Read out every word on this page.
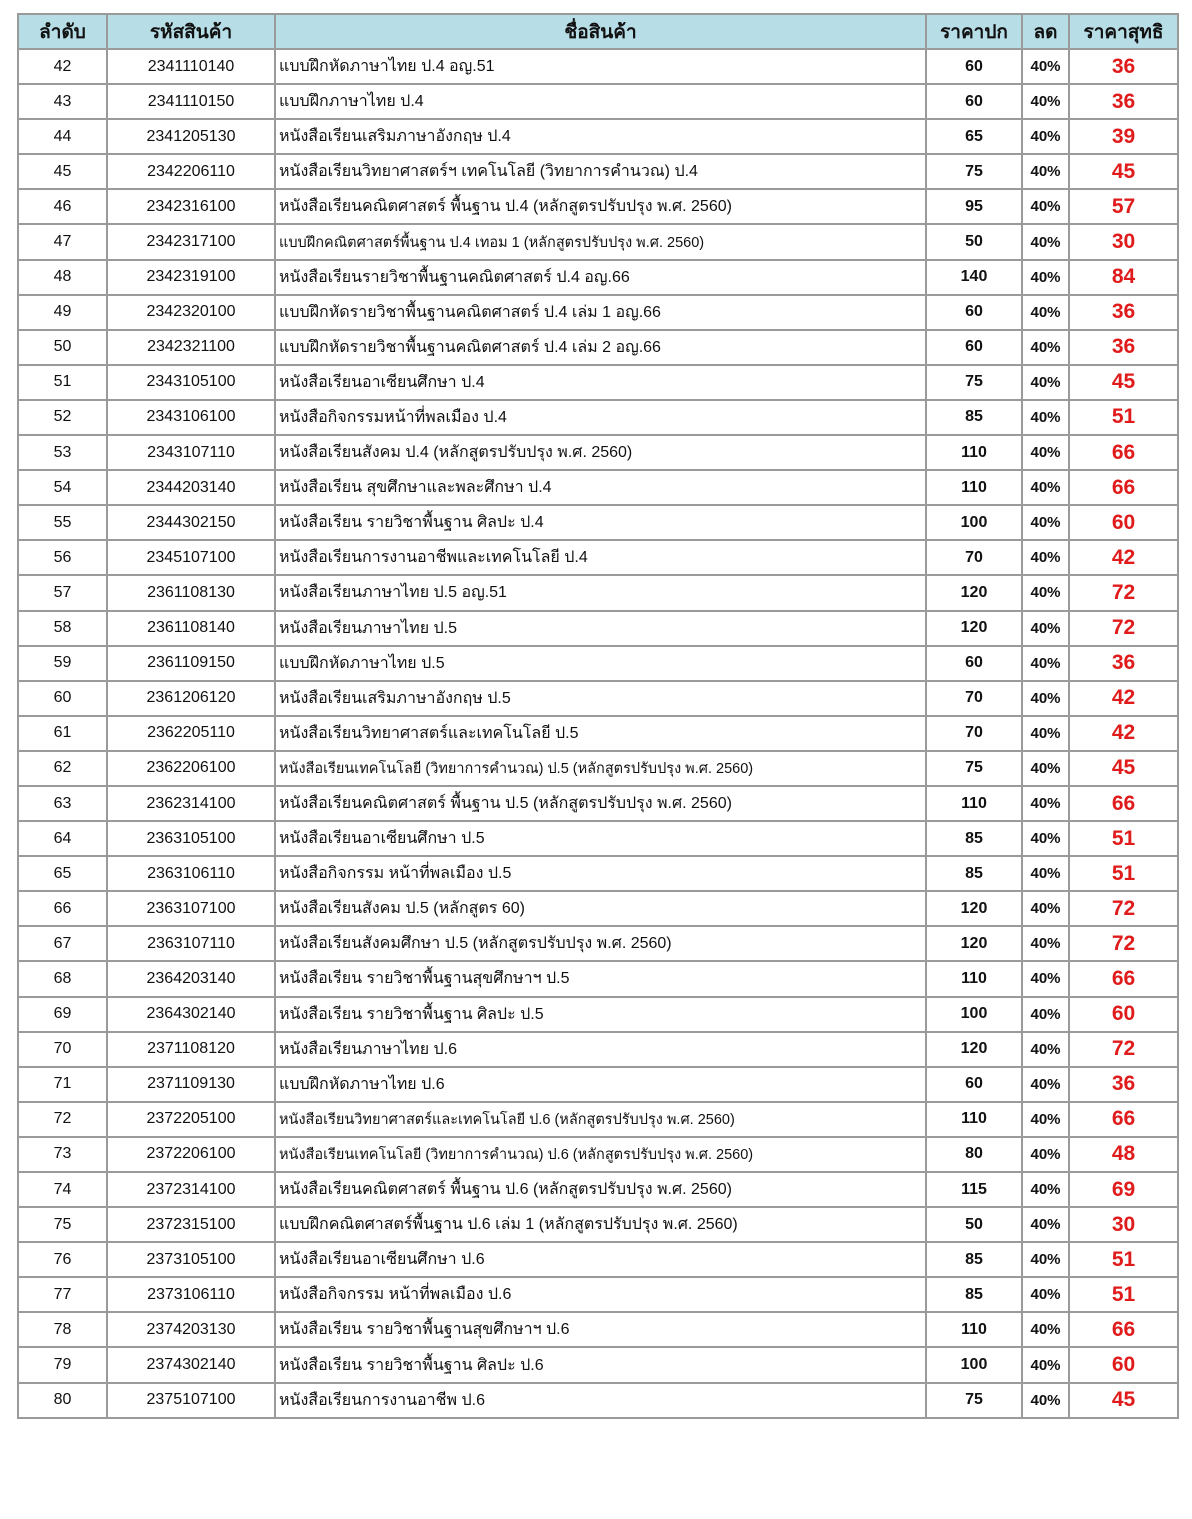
ลำดับ	รหัสสินค้า	ชื่อสินค้า	ราคาปก	ลด	ราคาสุทธิ
42	2341110140	แบบฝึกหัดภาษาไทย ป.4 อญ.51	60	40%	36
43	2341110150	แบบฝึกภาษาไทย ป.4	60	40%	36
44	2341205130	หนังสือเรียนเสริมภาษาอังกฤษ ป.4	65	40%	39
45	2342206110	หนังสือเรียนวิทยาศาสตร์ฯ เทคโนโลยี (วิทยาการคำนวณ) ป.4	75	40%	45
46	2342316100	หนังสือเรียนคณิตศาสตร์ พื้นฐาน ป.4 (หลักสูตรปรับปรุง พ.ศ. 2560)	95	40%	57
47	2342317100	แบบฝึกคณิตศาสตร์พื้นฐาน ป.4 เทอม 1 (หลักสูตรปรับปรุง พ.ศ. 2560)	50	40%	30
48	2342319100	หนังสือเรียนรายวิชาพื้นฐานคณิตศาสตร์ ป.4 อญ.66	140	40%	84
49	2342320100	แบบฝึกหัดรายวิชาพื้นฐานคณิตศาสตร์ ป.4 เล่ม 1 อญ.66	60	40%	36
50	2342321100	แบบฝึกหัดรายวิชาพื้นฐานคณิตศาสตร์ ป.4 เล่ม 2 อญ.66	60	40%	36
51	2343105100	หนังสือเรียนอาเซียนศึกษา ป.4	75	40%	45
52	2343106100	หนังสือกิจกรรมหน้าที่พลเมือง ป.4	85	40%	51
53	2343107110	หนังสือเรียนสังคม ป.4 (หลักสูตรปรับปรุง พ.ศ. 2560)	110	40%	66
54	2344203140	หนังสือเรียน สุขศึกษาและพละศึกษา ป.4	110	40%	66
55	2344302150	หนังสือเรียน รายวิชาพื้นฐาน ศิลปะ ป.4	100	40%	60
56	2345107100	หนังสือเรียนการงานอาชีพและเทคโนโลยี ป.4	70	40%	42
57	2361108130	หนังสือเรียนภาษาไทย ป.5 อญ.51	120	40%	72
58	2361108140	หนังสือเรียนภาษาไทย ป.5	120	40%	72
59	2361109150	แบบฝึกหัดภาษาไทย ป.5	60	40%	36
60	2361206120	หนังสือเรียนเสริมภาษาอังกฤษ ป.5	70	40%	42
61	2362205110	หนังสือเรียนวิทยาศาสตร์และเทคโนโลยี ป.5	70	40%	42
62	2362206100	หนังสือเรียนเทคโนโลยี (วิทยาการคำนวณ) ป.5 (หลักสูตรปรับปรุง พ.ศ. 2560)	75	40%	45
63	2362314100	หนังสือเรียนคณิตศาสตร์ พื้นฐาน ป.5 (หลักสูตรปรับปรุง พ.ศ. 2560)	110	40%	66
64	2363105100	หนังสือเรียนอาเซียนศึกษา ป.5	85	40%	51
65	2363106110	หนังสือกิจกรรม หน้าที่พลเมือง ป.5	85	40%	51
66	2363107100	หนังสือเรียนสังคม ป.5 (หลักสูตร 60)	120	40%	72
67	2363107110	หนังสือเรียนสังคมศึกษา ป.5 (หลักสูตรปรับปรุง พ.ศ. 2560)	120	40%	72
68	2364203140	หนังสือเรียน รายวิชาพื้นฐานสุขศึกษาฯ ป.5	110	40%	66
69	2364302140	หนังสือเรียน รายวิชาพื้นฐาน ศิลปะ ป.5	100	40%	60
70	2371108120	หนังสือเรียนภาษาไทย ป.6	120	40%	72
71	2371109130	แบบฝึกหัดภาษาไทย ป.6	60	40%	36
72	2372205100	หนังสือเรียนวิทยาศาสตร์และเทคโนโลยี ป.6 (หลักสูตรปรับปรุง พ.ศ. 2560)	110	40%	66
73	2372206100	หนังสือเรียนเทคโนโลยี (วิทยาการคำนวณ) ป.6 (หลักสูตรปรับปรุง พ.ศ. 2560)	80	40%	48
74	2372314100	หนังสือเรียนคณิตศาสตร์ พื้นฐาน ป.6 (หลักสูตรปรับปรุง พ.ศ. 2560)	115	40%	69
75	2372315100	แบบฝึกคณิตศาสตร์พื้นฐาน ป.6 เล่ม 1 (หลักสูตรปรับปรุง พ.ศ. 2560)	50	40%	30
76	2373105100	หนังสือเรียนอาเซียนศึกษา ป.6	85	40%	51
77	2373106110	หนังสือกิจกรรม หน้าที่พลเมือง ป.6	85	40%	51
78	2374203130	หนังสือเรียน รายวิชาพื้นฐานสุขศึกษาฯ ป.6	110	40%	66
79	2374302140	หนังสือเรียน รายวิชาพื้นฐาน ศิลปะ ป.6	100	40%	60
80	2375107100	หนังสือเรียนการงานอาชีพ ป.6	75	40%	45
